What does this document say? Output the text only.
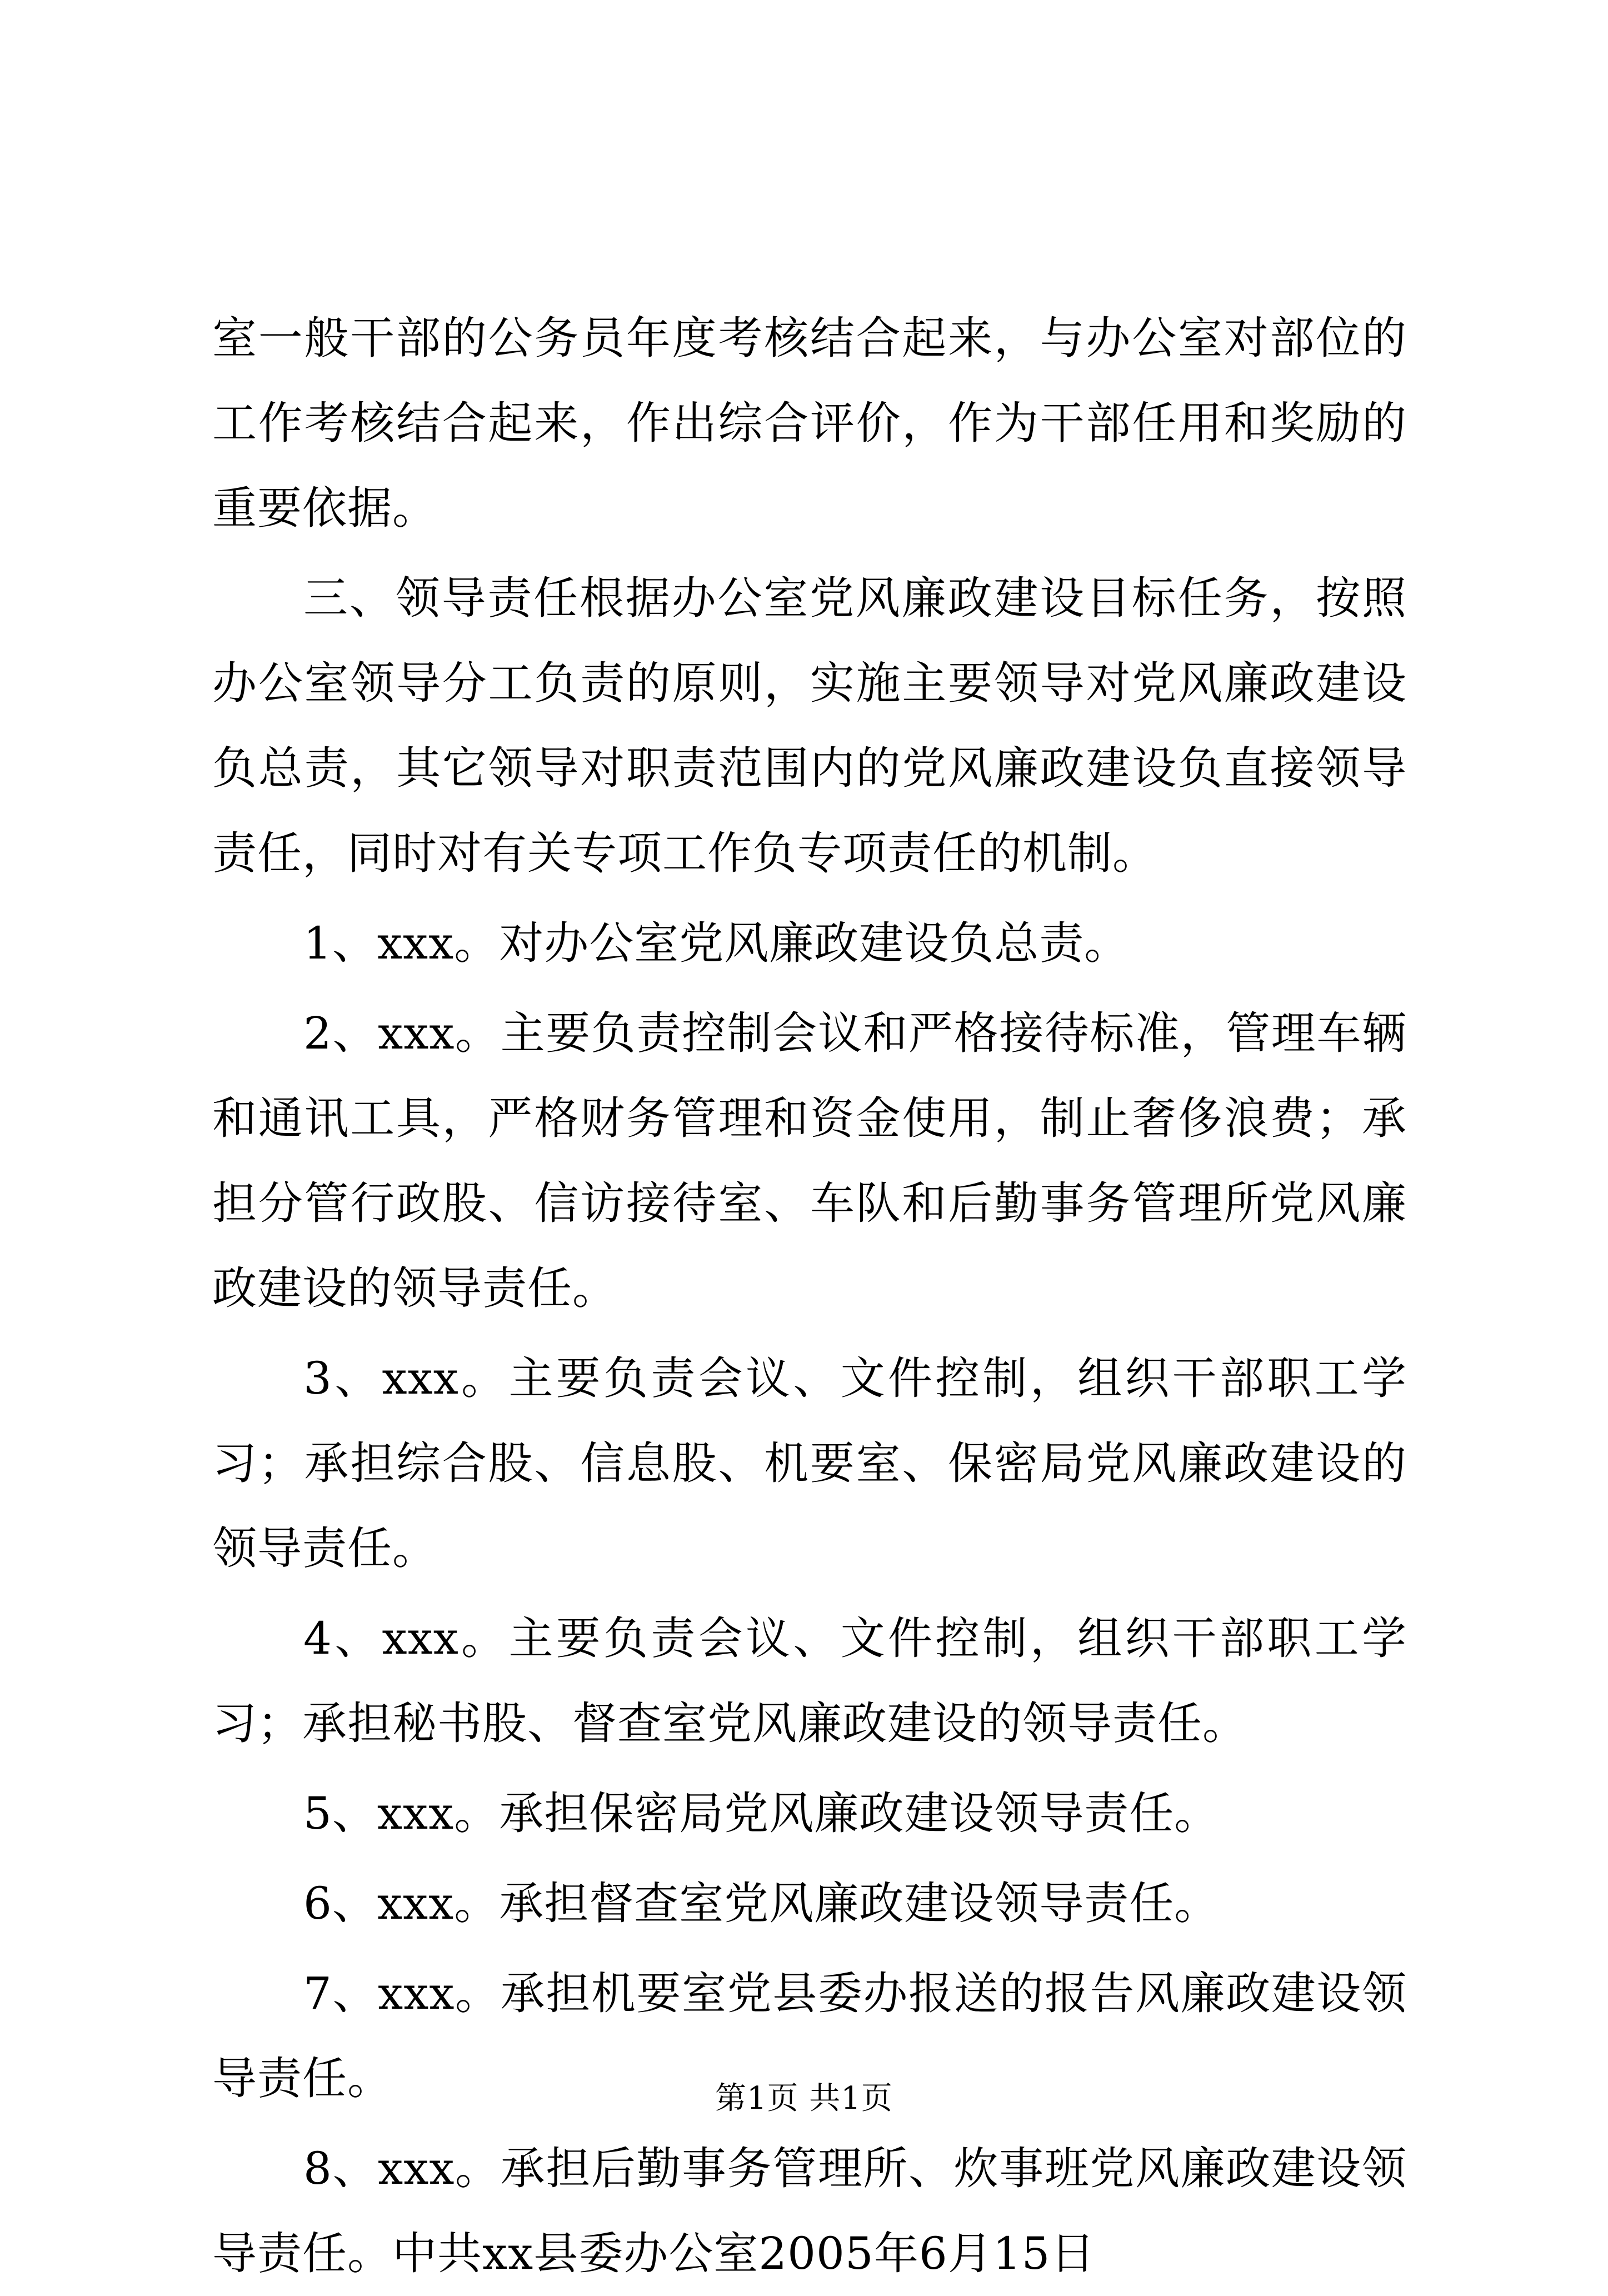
室一般干部的公务员年度考核结合起来，与办公室对部位的工作考核结合起来，作出综合评价，作为干部任用和奖励的重要依据。

三、领导责任根据办公室党风廉政建设目标任务，按照办公室领导分工负责的原则，实施主要领导对党风廉政建设负总责，其它领导对职责范围内的党风廉政建设负直接领导责任，同时对有关专项工作负专项责任的机制。

1、xxx。对办公室党风廉政建设负总责。

2、xxx。主要负责控制会议和严格接待标准，管理车辆和通讯工具，严格财务管理和资金使用，制止奢侈浪费；承担分管行政股、信访接待室、车队和后勤事务管理所党风廉政建设的领导责任。

3、xxx。主要负责会议、文件控制，组织干部职工学习；承担综合股、信息股、机要室、保密局党风廉政建设的领导责任。

4、xxx。主要负责会议、文件控制，组织干部职工学习；承担秘书股、督查室党风廉政建设的领导责任。

5、xxx。承担保密局党风廉政建设领导责任。

6、xxx。承担督查室党风廉政建设领导责任。

7、xxx。承担机要室党县委办报送的报告风廉政建设领导责任。

8、xxx。承担后勤事务管理所、炊事班党风廉政建设领导责任。中共xx县委办公室2005年6月15日

第1页 共1页
